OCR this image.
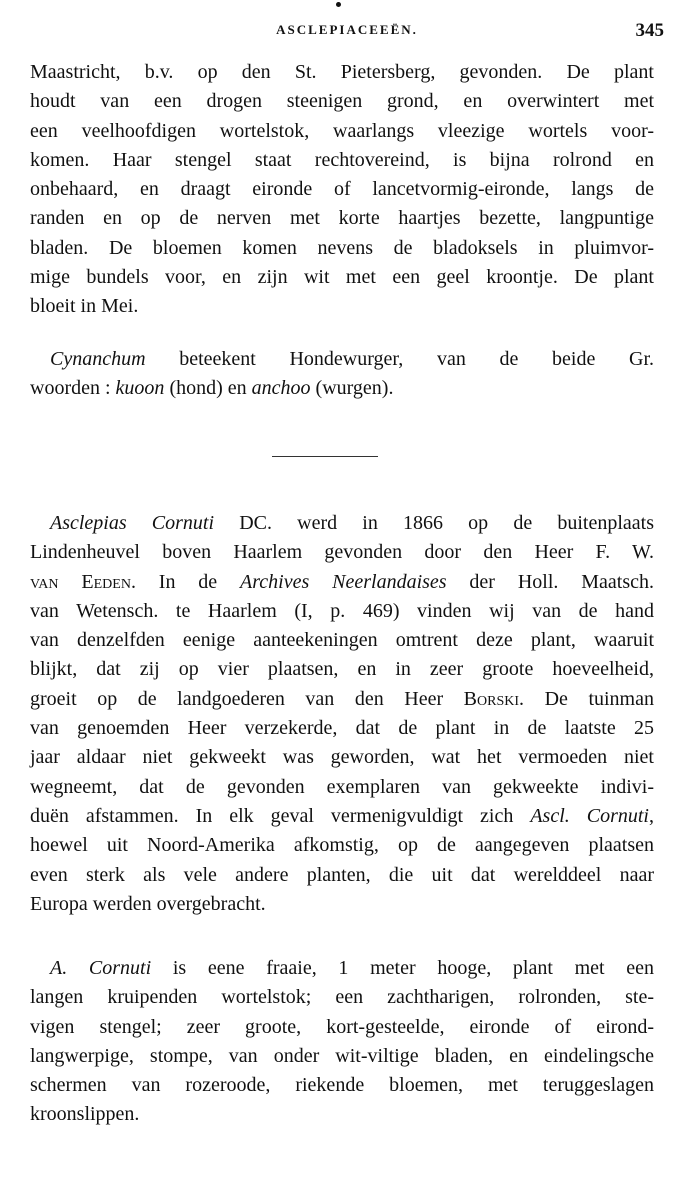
ASCLEPIACEEËN.	345
Maastricht, b.v. op den St. Pietersberg, gevonden. De plant
houdt van een drogen steenigen grond, en overwintert met
een veelhoofdigen wortelstok, waarlangs vleezige wortels voor-
komen. Haar stengel staat rechtovereind, is bijna rolrond en
onbehaard, en draagt eironde of lancetvormig-eironde, langs de
randen en op de nerven met korte haartjes bezette, langpuntige
bladen. De bloemen komen nevens de bladoksels in pluimvor-
mige bundels voor, en zijn wit met een geel kroontje. De plant
bloeit in Mei.
Cynanchum beteekent Hondewurger, van de beide Gr.
woorden : kuoon (hond) en anchoo (wurgen).
Asclepias Cornuti DC. werd in 1866 op de buitenplaats
Lindenheuvel boven Haarlem gevonden door den Heer F. W.
van Eeden. In de Archives Neerlandaises der Holl. Maatsch.
van Wetensch. te Haarlem (I, p. 469) vinden wij van de hand
van denzelfden eenige aanteekeningen omtrent deze plant, waaruit
blijkt, dat zij op vier plaatsen, en in zeer groote hoeveelheid,
groeit op de landgoederen van den Heer Borski. De tuinman
van genoemden Heer verzekerde, dat de plant in de laatste 25
jaar aldaar niet gekweekt was geworden, wat het vermoeden niet
wegneemt, dat de gevonden exemplaren van gekweekte indivi-
duën afstammen. In elk geval vermenigvuldigt zich Ascl. Cornuti,
hoewel uit Noord-Amerika afkomstig, op de aangegeven plaatsen
even sterk als vele andere planten, die uit dat werelddeel naar
Europa werden overgebracht.
A. Cornuti is eene fraaie, 1 meter hooge, plant met een
langen kruipenden wortelstok; een zachtharigen, rolronden, ste-
vigen stengel; zeer groote, kort-gesteelde, eironde of eirond-
langwerpige, stompe, van onder wit-viltige bladen, en eindelingsche
schermen van rozeroode, riekende bloemen, met teruggeslagen
kroonslippen.
